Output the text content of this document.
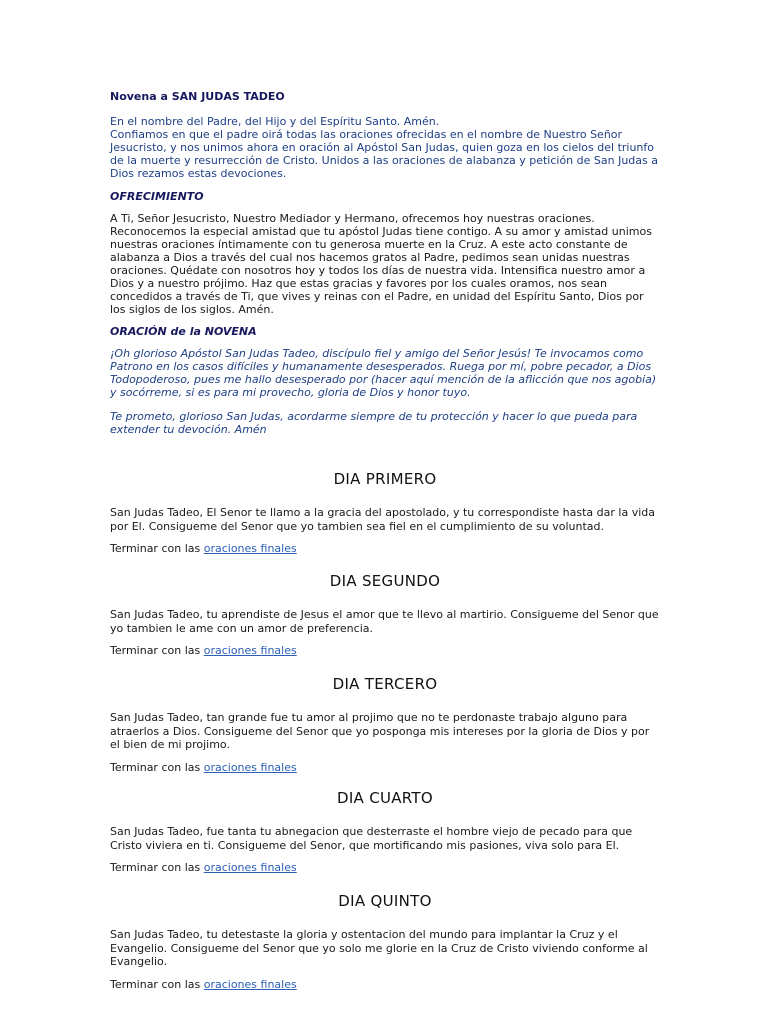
Novena a SAN JUDAS TADEO

En el nombre del Padre, del Hijo y del Espíritu Santo. Amén.

Confiamos en que el padre oirá todas las oraciones ofrecidas en el nombre de Nuestro Señor Jesucristo, y nos unimos ahora en oración al Apóstol San Judas, quien goza en los cielos del triunfo de la muerte y resurrección de Cristo. Unidos a las oraciones de alabanza y petición de San Judas a Dios rezamos estas devociones.

OFRECIMIENTO

A Ti, Señor Jesucristo, Nuestro Mediador y Hermano, ofrecemos hoy nuestras oraciones. Reconocemos la especial amistad que tu apóstol Judas tiene contigo. A su amor y amistad unimos nuestras oraciones íntimamente con tu generosa muerte en la Cruz. A este acto constante de alabanza a Dios a través del cual nos hacemos gratos al Padre, pedimos sean unidas nuestras oraciones. Quédate con nosotros hoy y todos los días de nuestra vida. Intensifica nuestro amor a Dios y a nuestro prójimo. Haz que estas gracias y favores por los cuales oramos, nos sean concedidos a través de Ti, que vives y reinas con el Padre, en unidad del Espíritu Santo, Dios por los siglos de los siglos. Amén.

ORACIÓN de la NOVENA

¡Oh glorioso Apóstol San Judas Tadeo, discípulo fiel y amigo del Señor Jesús! Te invocamos como Patrono en los casos difíciles y humanamente desesperados. Ruega por mí, pobre pecador, a Dios Todopoderoso, pues me hallo desesperado por (hacer aquí mención de la aflicción que nos agobia) y socórreme, si es para mi provecho, gloria de Dios y honor tuyo.

Te prometo, glorioso San Judas, acordarme siempre de tu protección y hacer lo que pueda para extender tu devoción. Amén

DIA PRIMERO

San Judas Tadeo, El Senor te llamo a la gracia del apostolado, y tu correspondiste hasta dar la vida por El. Consigueme del Senor que yo tambien sea fiel en el cumplimiento de su voluntad.

Terminar con las oraciones finales

DIA SEGUNDO

San Judas Tadeo, tu aprendiste de Jesus el amor que te llevo al martirio. Consigueme del Senor que yo tambien le ame con un amor de preferencia.

Terminar con las oraciones finales

DIA TERCERO

San Judas Tadeo, tan grande fue tu amor al projimo que no te perdonaste trabajo alguno para atraerlos a Dios. Consigueme del Senor que yo posponga mis intereses por la gloria de Dios y por el bien de mi projimo.

Terminar con las oraciones finales

DIA CUARTO

San Judas Tadeo, fue tanta tu abnegacion que desterraste el hombre viejo de pecado para que Cristo viviera en ti. Consigueme del Senor, que mortificando mis pasiones, viva solo para El.

Terminar con las oraciones finales

DIA QUINTO

San Judas Tadeo, tu detestaste la gloria y ostentacion del mundo para implantar la Cruz y el Evangelio. Consigueme del Senor que yo solo me glorie en la Cruz de Cristo viviendo conforme al Evangelio.

Terminar con las oraciones finales
